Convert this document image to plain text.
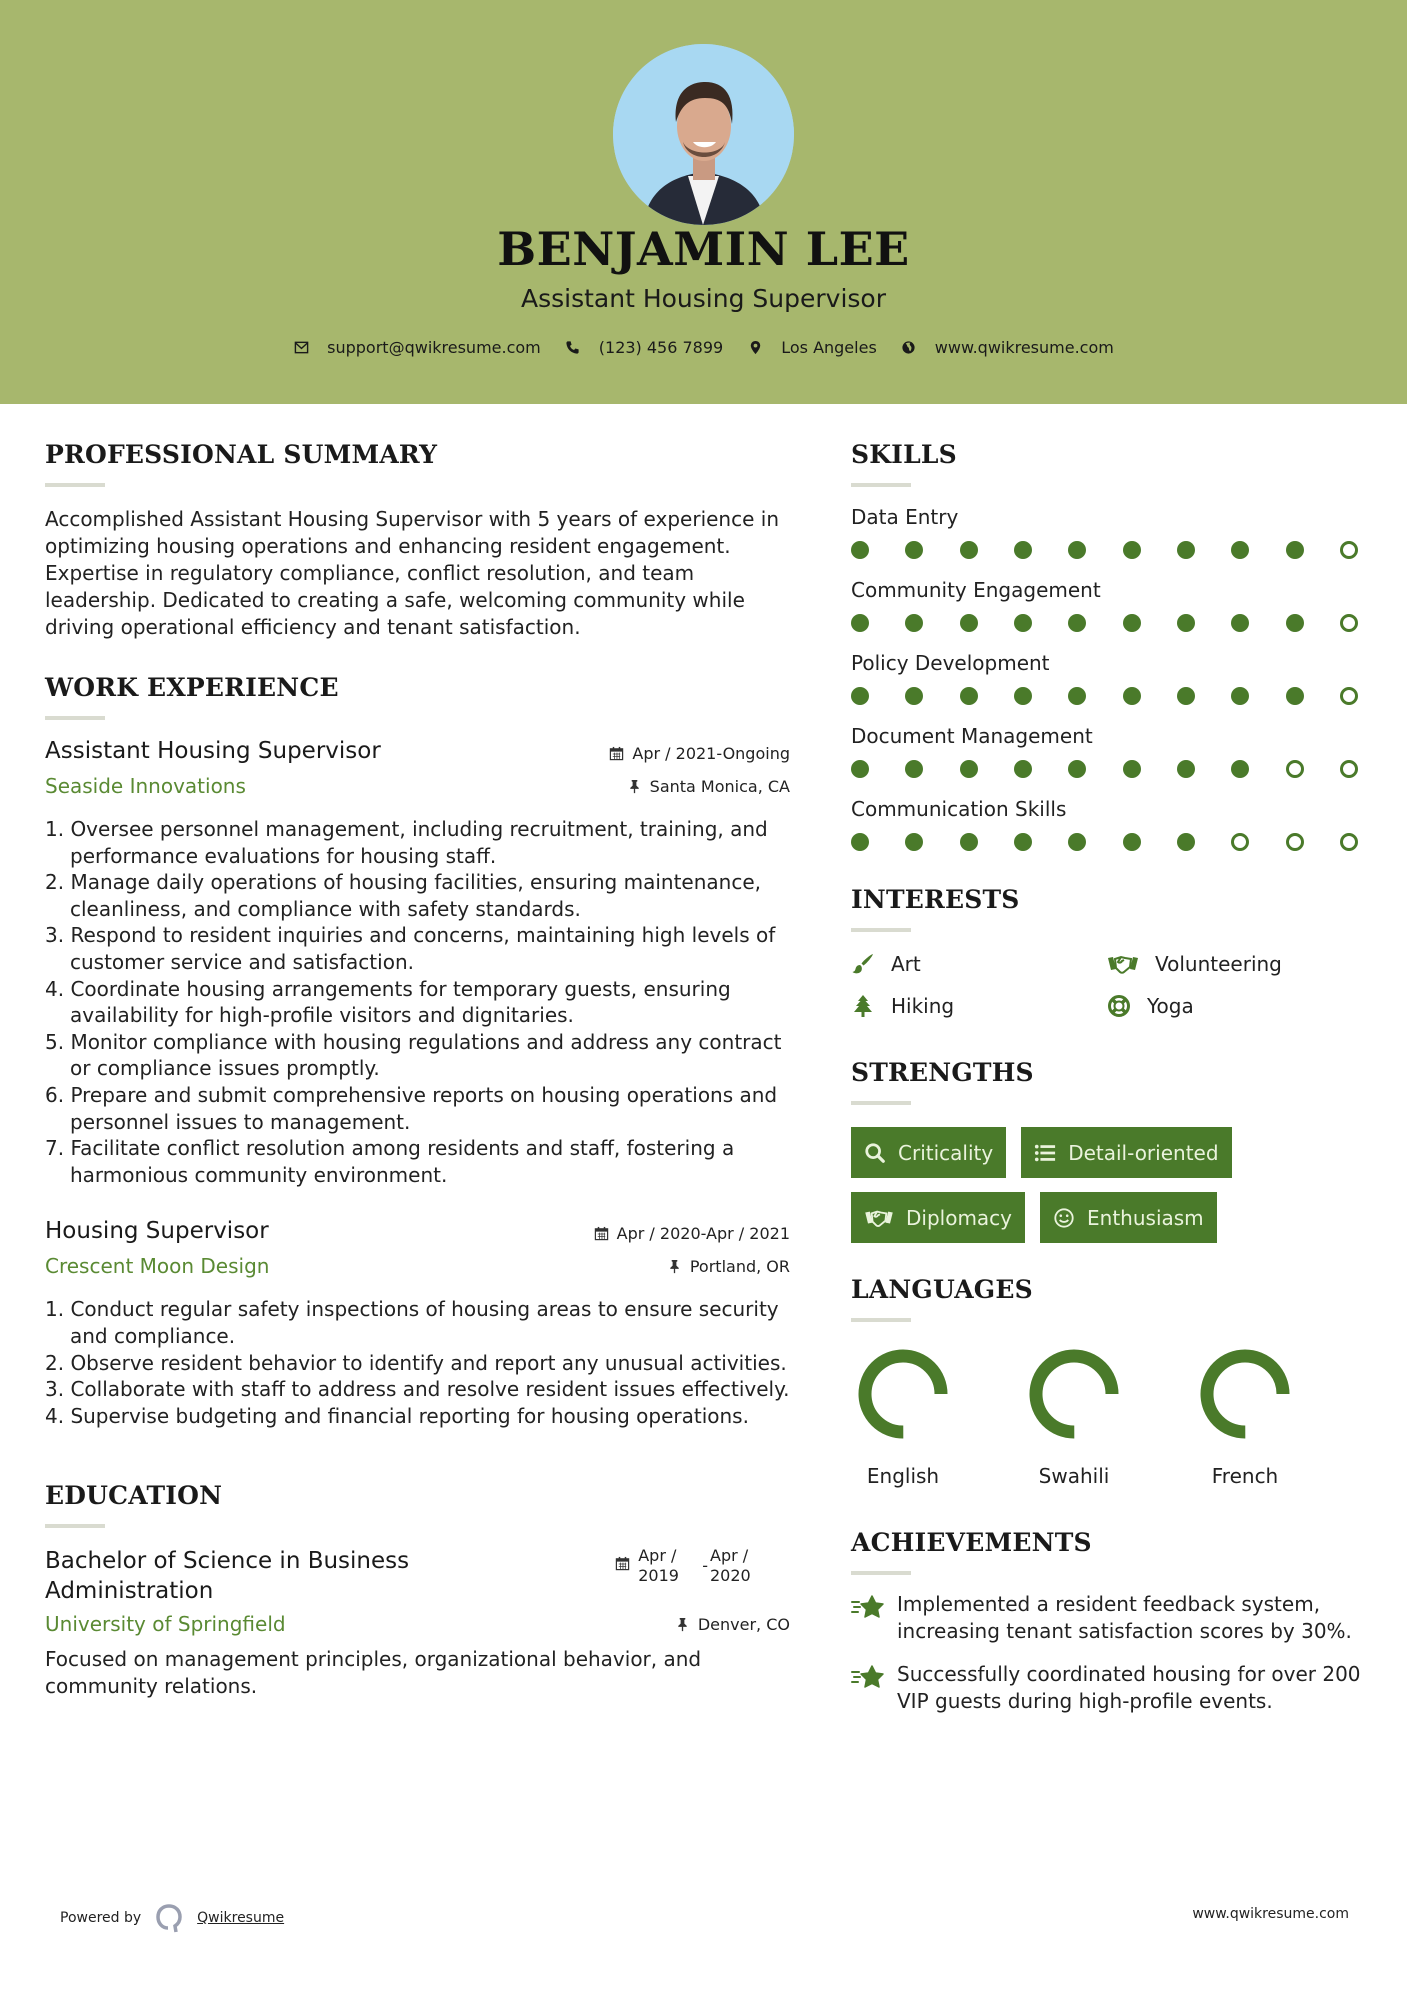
BENJAMIN LEE
Assistant Housing Supervisor
support@qwikresume.com	(123) 456 7899	Los Angeles	www.qwikresume.com
PROFESSIONAL SUMMARY

Accomplished Assistant Housing Supervisor with 5 years of experience in optimizing housing operations and enhancing resident engagement. Expertise in regulatory compliance, conflict resolution, and team leadership. Dedicated to creating a safe, welcoming community while driving operational efficiency and tenant satisfaction.

WORK EXPERIENCE
Assistant Housing Supervisor	Apr / 2021-Ongoing
Seaside Innovations	Santa Monica, CA
1. Oversee personnel management, including recruitment, training, and performance evaluations for housing staff.
2. Manage daily operations of housing facilities, ensuring maintenance, cleanliness, and compliance with safety standards.
3. Respond to resident inquiries and concerns, maintaining high levels of customer service and satisfaction.
4. Coordinate housing arrangements for temporary guests, ensuring availability for high-profile visitors and dignitaries.
5. Monitor compliance with housing regulations and address any contract or compliance issues promptly.
6. Prepare and submit comprehensive reports on housing operations and personnel issues to management.
7. Facilitate conflict resolution among residents and staff, fostering a harmonious community environment.
Housing Supervisor	Apr / 2020-Apr / 2021
Crescent Moon Design	Portland, OR
1. Conduct regular safety inspections of housing areas to ensure security and compliance.
2. Observe resident behavior to identify and report any unusual activities.
3. Collaborate with staff to address and resolve resident issues effectively.
4. Supervise budgeting and financial reporting for housing operations.
EDUCATION
Bachelor of Science in Business Administration
Apr / 2019
-
Apr / 2020
University of Springfield	Denver, CO

Focused on management principles, organizational behavior, and community relations.

SKILLS
Data Entry
Community Engagement
Policy Development
Document Management
Communication Skills
INTERESTS
Art	Volunteering
Hiking	Yoga
STRENGTHS
Criticality	Detail-oriented
Diplomacy	Enthusiasm
LANGUAGES
English	Swahili	French
ACHIEVEMENTS
Implemented a resident feedback system, increasing tenant satisfaction scores by 30%.
Successfully coordinated housing for over 200 VIP guests during high-profile events.
Powered by	Qwikresume	www.qwikresume.com
